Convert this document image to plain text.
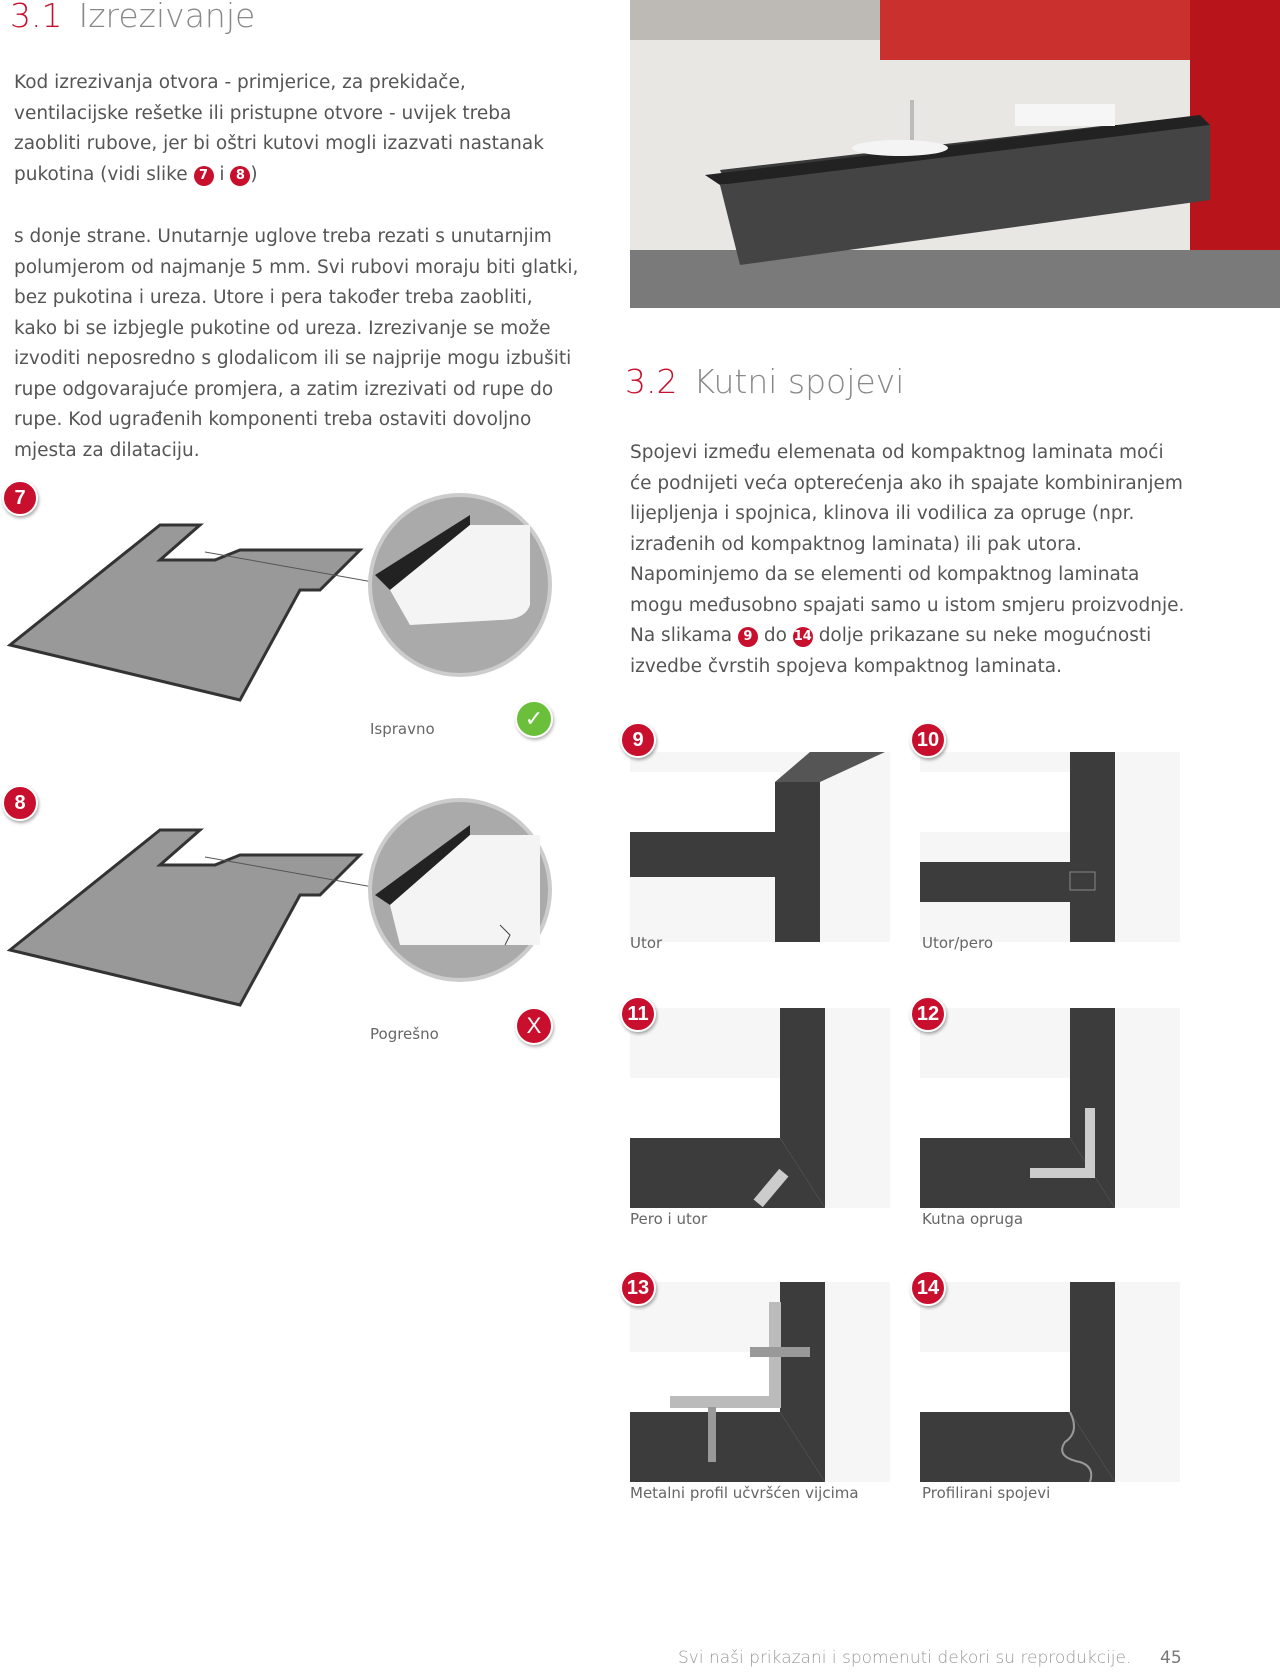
3.1 Izrezivanje
Kod izrezivanja otvora - primjerice, za prekidače, ventilacijske rešetke ili pristupne otvore - uvijek treba zaobliti rubove, jer bi oštri kutovi mogli izazvati nastanak pukotina (vidi slike 7 i 8 )
s donje strane. Unutarnje uglove treba rezati s unutarnjim polumjerom od najmanje 5 mm. Svi rubovi moraju biti glatki, bez pukotina i ureza. Utore i pera također treba zaobliti, kako bi se izbjegle pukotine od ureza. Izrezivanje se može izvoditi neposredno s glodalicom ili se najprije mogu izbušiti rupe odgovarajuće promjera, a zatim izrezivati od rupe do rupe. Kod ugrađenih komponenti treba ostaviti dovoljno mjesta za dilataciju.
3.2 Kutni spojevi
Spojevi između elemenata od kompaktnog laminata moći će podnijeti veća opterećenja ako ih spajate kombiniranjem lijepljenja i spojnica, klinova ili vodilica za opruge (npr. izrađenih od kompaktnog laminata) ili pak utora. Napominjemo da se elementi od kompaktnog laminata mogu međusobno spajati samo u istom smjeru proizvodnje. Na slikama 9 do 14 dolje prikazane su neke mogućnosti izvedbe čvrstih spojeva kompaktnog laminata.
7
Ispravno	✓
8
Pogrešno	X
9
Utor
10
Utor/pero
11
Pero i utor
12
Kutna opruga
13
Metalni profil učvršćen vijcima
14
Profilirani spojevi
Svi naši prikazani i spomenuti dekori su reprodukcije. 45
